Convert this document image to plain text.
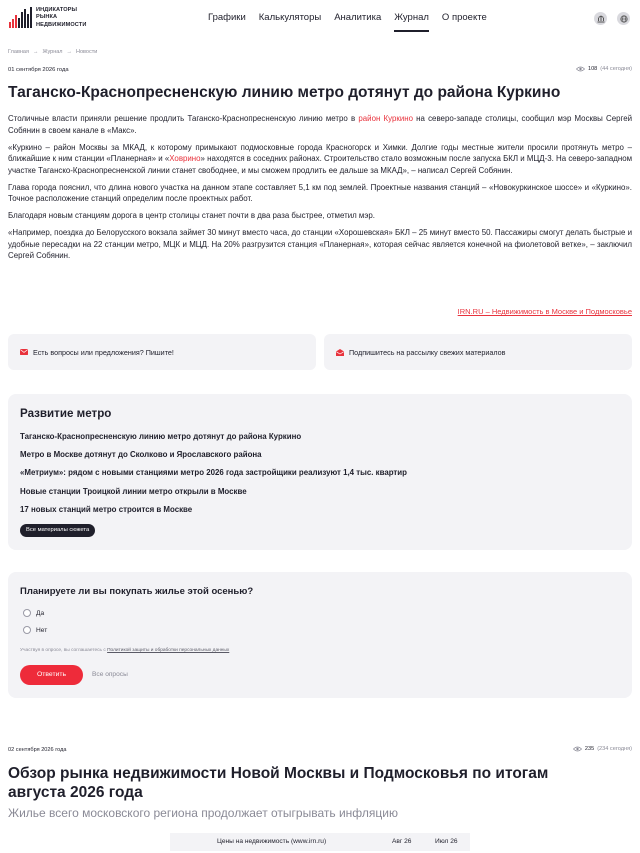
ИНДИКАТОРЫ
РЫНКА
НЕДВИЖИМОСТИ
Графики Калькуляторы Аналитика Журнал О проекте
Главная → Журнал → Новости
01 сентября 2026 года	108 (44 сегодня)
Таганско-Краснопресненскую линию метро дотянут до района Куркино

Столичные власти приняли решение продлить Таганско-Краснопресненскую линию метро в район Куркино на северо-западе столицы, сообщил мэр Москвы Сергей Собянин в своем канале в «Макс».

«Куркино – район Москвы за МКАД, к которому примыкают подмосковные города Красногорск и Химки. Долгие годы местные жители просили протянуть метро – ближайшие к ним станции «Планерная» и «Ховрино» находятся в соседних районах. Строительство стало возможным после запуска БКЛ и МЦД-3. На северо-западном участке Таганско-Краснопресненской линии станет свободнее, и мы сможем продлить ее дальше за МКАД», – написал Сергей Собянин.

Глава города пояснил, что длина нового участка на данном этапе составляет 5,1 км под землей. Проектные названия станций – «Новокуркинское шоссе» и «Куркино». Точное расположение станций определим после проектных работ.

Благодаря новым станциям дорога в центр столицы станет почти в два раза быстрее, отметил мэр.

«Например, поездка до Белорусского вокзала займет 30 минут вместо часа, до станции «Хорошевская» БКЛ – 25 минут вместо 50. Пассажиры смогут делать быстрые и удобные пересадки на 22 станции метро, МЦК и МЦД. На 20% разгрузится станция «Планерная», которая сейчас является конечной на фиолетовой ветке», – заключил Сергей Собянин.

IRN.RU – Недвижимость в Москве и Подмосковье
Есть вопросы или предложения? Пишите!	Подпишитесь на рассылку свежих материалов
Развитие метро
Таганско-Краснопресненскую линию метро дотянут до района Куркино
Метро в Москве дотянут до Сколково и Ярославского района
«Метриум»: рядом с новыми станциями метро 2026 года застройщики реализуют 1,4 тыс. квартир
Новые станции Троицкой линии метро открыли в Москве
17 новых станций метро строится в Москве
Все материалы сюжета
Планируете ли вы покупать жилье этой осенью?
Да
Нет
Участвуя в опросе, вы соглашаетесь с Политикой защиты и обработки персональных данных
Ответить	Все опросы
02 сентября 2026 года	235 (234 сегодня)
Обзор рынка недвижимости Новой Москвы и Подмосковья по итогам августа 2026 года
Жилье всего московского региона продолжает отыгрывать инфляцию
Цены на недвижимость (www.irn.ru)	Авг 26	Июл 26
